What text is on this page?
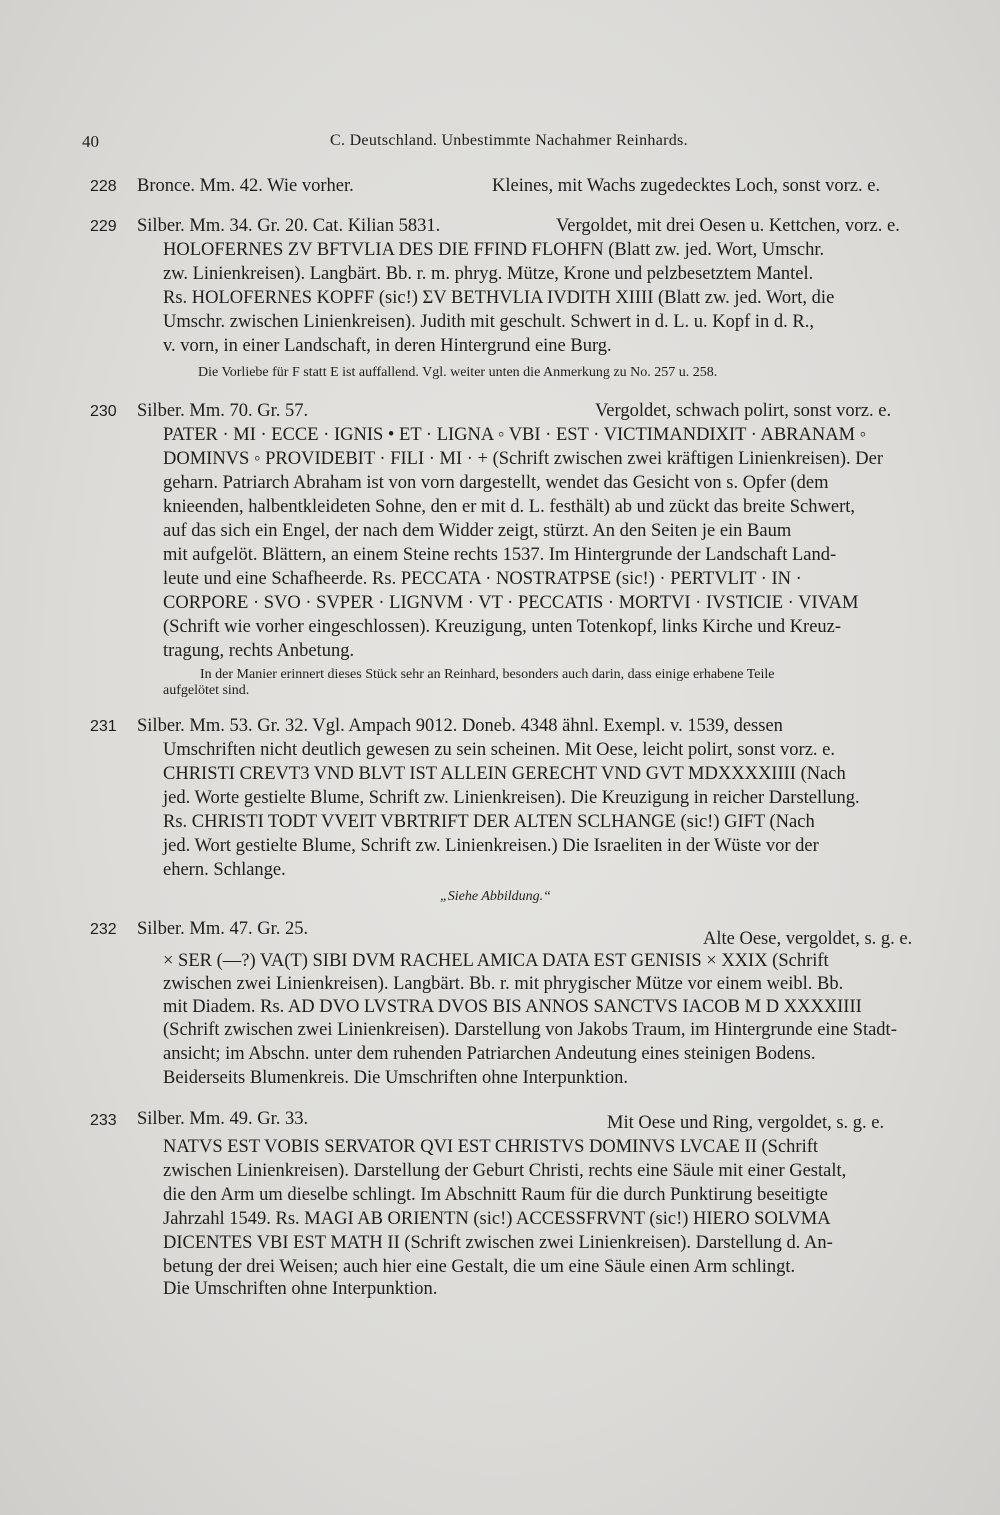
40	C. Deutschland. Unbestimmte Nachahmer Reinhards.
228 Bronce. Mm. 42. Wie vorher.	Kleines, mit Wachs zugedecktes Loch, sonst vorz. e.
229 Silber. Mm. 34. Gr. 20. Cat. Kilian 5831.	Vergoldet, mit drei Oesen u. Kettchen, vorz. e.
HOLOFERNES ZV BFTVLIA DES DIE FFIND FLOHFN (Blatt zw. jed. Wort, Umschr.
zw. Linienkreisen). Langbärt. Bb. r. m. phryg. Mütze, Krone und pelzbesetztem Mantel.
Rs. HOLOFERNES KOPFF (sic!) ƩV BETHVLIA IVDITH XIIII (Blatt zw. jed. Wort, die
Umschr. zwischen Linienkreisen). Judith mit geschult. Schwert in d. L. u. Kopf in d. R.,
v. vorn, in einer Landschaft, in deren Hintergrund eine Burg.
Die Vorliebe für F statt E ist auffallend. Vgl. weiter unten die Anmerkung zu No. 257 u. 258.
230 Silber. Mm. 70. Gr. 57.	Vergoldet, schwach polirt, sonst vorz. e.
PATER · MI · ECCE · IGNIS • ET · LIGNA ◦ VBI · EST · VICTIMANDIXIT · ABRANAM ◦
DOMINVS ◦ PROVIDEBIT · FILI · MI · + (Schrift zwischen zwei kräftigen Linienkreisen). Der
geharn. Patriarch Abraham ist von vorn dargestellt, wendet das Gesicht von s. Opfer (dem
knieenden, halbentkleideten Sohne, den er mit d. L. festhält) ab und zückt das breite Schwert,
auf das sich ein Engel, der nach dem Widder zeigt, stürzt. An den Seiten je ein Baum
mit aufgelöt. Blättern, an einem Steine rechts 1537. Im Hintergrunde der Landschaft Land-
leute und eine Schafheerde. Rs. PECCATA · NOSTRATPSE (sic!) · PERTVLIT · IN ·
CORPORE · SVO · SVPER · LIGNVM · VT · PECCATIS · MORTVI · IVSTICIE · VIVAM
(Schrift wie vorher eingeschlossen). Kreuzigung, unten Totenkopf, links Kirche und Kreuz-
tragung, rechts Anbetung.
In der Manier erinnert dieses Stück sehr an Reinhard, besonders auch darin, dass einige erhabene Teile
aufgelötet sind.
231 Silber. Mm. 53. Gr. 32. Vgl. Ampach 9012. Doneb. 4348 ähnl. Exempl. v. 1539, dessen
Umschriften nicht deutlich gewesen zu sein scheinen. Mit Oese, leicht polirt, sonst vorz. e.
CHRISTI CREVT3 VND BLVT IST ALLEIN GERECHT VND GVT MDXXXXIIII (Nach
jed. Worte gestielte Blume, Schrift zw. Linienkreisen). Die Kreuzigung in reicher Darstellung.
Rs. CHRISTI TODT VVEIT VBRTRIFT DER ALTEN SCLHANGE (sic!) GIFT (Nach
jed. Wort gestielte Blume, Schrift zw. Linienkreisen.) Die Israeliten in der Wüste vor der
ehern. Schlange.
„Siehe Abbildung.“
232 Silber. Mm. 47. Gr. 25.	Alte Oese, vergoldet, s. g. e.
× SER (—?) VA(T) SIBI DVM RACHEL AMICA DATA EST GENISIS × XXIX (Schrift
zwischen zwei Linienkreisen). Langbärt. Bb. r. mit phrygischer Mütze vor einem weibl. Bb.
mit Diadem. Rs. AD DVO LVSTRA DVOS BIS ANNOS SANCTVS IACOB M D XXXXIIII
(Schrift zwischen zwei Linienkreisen). Darstellung von Jakobs Traum, im Hintergrunde eine Stadt-
ansicht; im Abschn. unter dem ruhenden Patriarchen Andeutung eines steinigen Bodens.
Beiderseits Blumenkreis. Die Umschriften ohne Interpunktion.
233 Silber. Mm. 49. Gr. 33.	Mit Oese und Ring, vergoldet, s. g. e.
NATVS EST VOBIS SERVATOR QVI EST CHRISTVS DOMINVS LVCAE II (Schrift
zwischen Linienkreisen). Darstellung der Geburt Christi, rechts eine Säule mit einer Gestalt,
die den Arm um dieselbe schlingt. Im Abschnitt Raum für die durch Punktirung beseitigte
Jahrzahl 1549. Rs. MAGI AB ORIENTN (sic!) ACCESSFRVNT (sic!) HIERO SOLVMA
DICENTES VBI EST MATH II (Schrift zwischen zwei Linienkreisen). Darstellung d. An-
betung der drei Weisen; auch hier eine Gestalt, die um eine Säule einen Arm schlingt.
Die Umschriften ohne Interpunktion.
